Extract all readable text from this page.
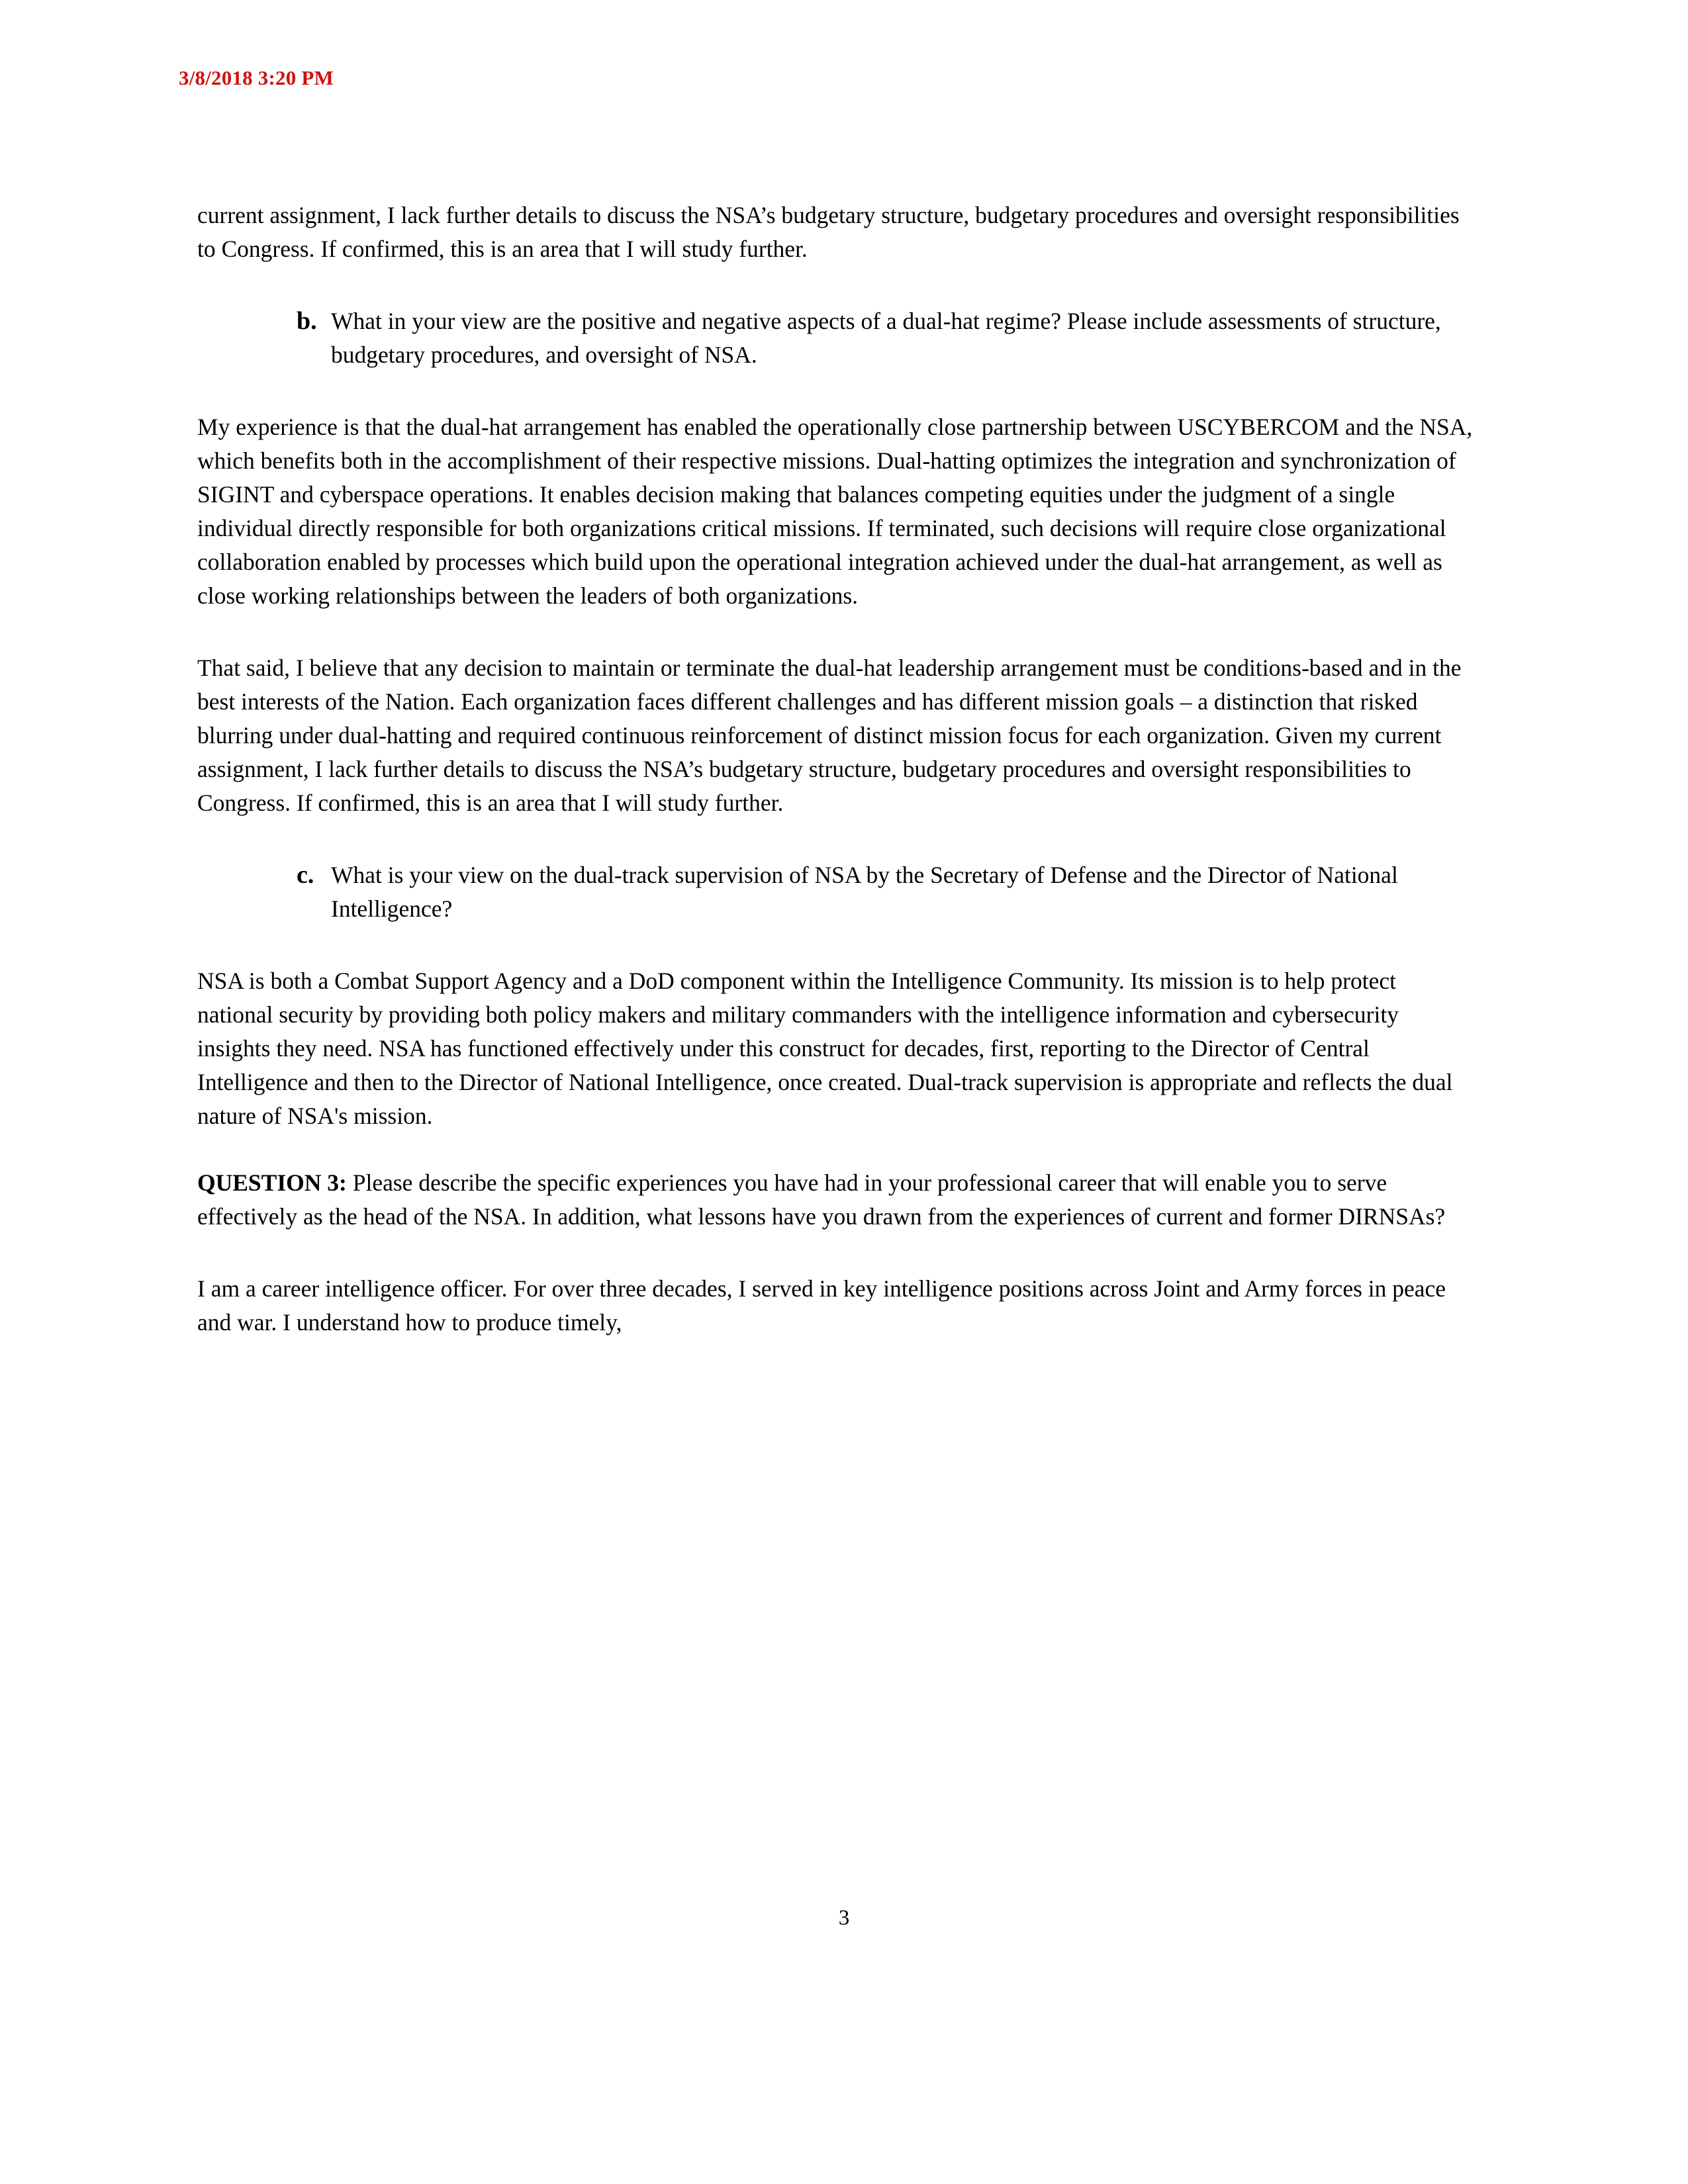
3/8/2018 3:20 PM

current assignment, I lack further details to discuss the NSA’s budgetary structure, budgetary procedures and oversight responsibilities to Congress. If confirmed, this is an area that I will study further.

b. What in your view are the positive and negative aspects of a dual-hat regime? Please include assessments of structure, budgetary procedures, and oversight of NSA.

My experience is that the dual-hat arrangement has enabled the operationally close partnership between USCYBERCOM and the NSA, which benefits both in the accomplishment of their respective missions. Dual-hatting optimizes the integration and synchronization of SIGINT and cyberspace operations. It enables decision making that balances competing equities under the judgment of a single individual directly responsible for both organizations critical missions. If terminated, such decisions will require close organizational collaboration enabled by processes which build upon the operational integration achieved under the dual-hat arrangement, as well as close working relationships between the leaders of both organizations.

That said, I believe that any decision to maintain or terminate the dual-hat leadership arrangement must be conditions-based and in the best interests of the Nation. Each organization faces different challenges and has different mission goals – a distinction that risked blurring under dual-hatting and required continuous reinforcement of distinct mission focus for each organization. Given my current assignment, I lack further details to discuss the NSA’s budgetary structure, budgetary procedures and oversight responsibilities to Congress. If confirmed, this is an area that I will study further.

c. What is your view on the dual-track supervision of NSA by the Secretary of Defense and the Director of National Intelligence?

NSA is both a Combat Support Agency and a DoD component within the Intelligence Community. Its mission is to help protect national security by providing both policy makers and military commanders with the intelligence information and cybersecurity insights they need. NSA has functioned effectively under this construct for decades, first, reporting to the Director of Central Intelligence and then to the Director of National Intelligence, once created. Dual-track supervision is appropriate and reflects the dual nature of NSA's mission.

QUESTION 3: Please describe the specific experiences you have had in your professional career that will enable you to serve effectively as the head of the NSA. In addition, what lessons have you drawn from the experiences of current and former DIRNSAs?

I am a career intelligence officer. For over three decades, I served in key intelligence positions across Joint and Army forces in peace and war. I understand how to produce timely,

3
